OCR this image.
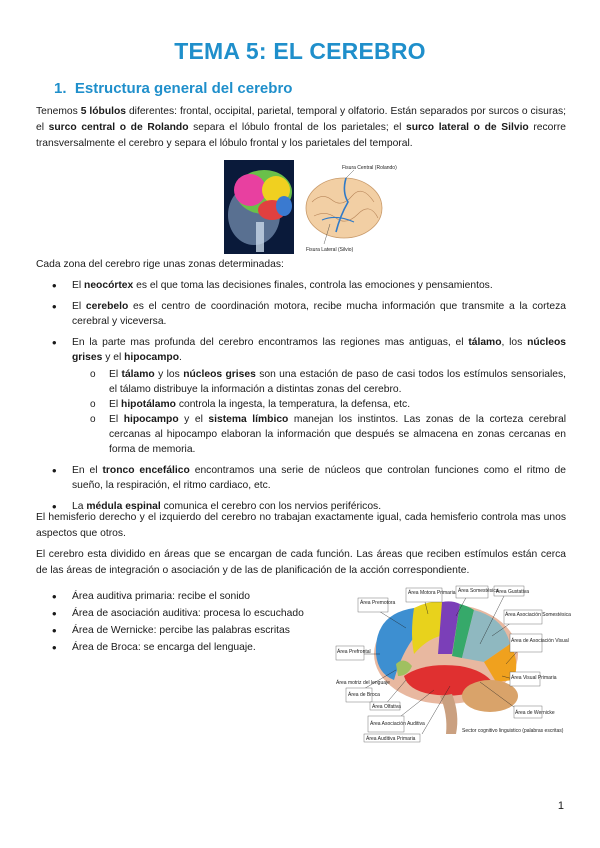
TEMA 5: EL CEREBRO
1. Estructura general del cerebro

Tenemos 5 lóbulos diferentes: frontal, occipital, parietal, temporal y olfatorio. Están separados por surcos o cisuras; el surco central o de Rolando separa el lóbulo frontal de los parietales; el surco lateral o de Silvio recorre transversalmente el cerebro y separa el lóbulo frontal y los parietales del temporal.

Fisura Central (Rolando)
Fisura Lateral (Silvio)

Cada zona del cerebro rige unas zonas determinadas:

• El neocórtex es el que toma las decisiones finales, controla las emociones y pensamientos.
• El cerebelo es el centro de coordinación motora, recibe mucha información que transmite a la corteza cerebral y viceversa.
• En la parte mas profunda del cerebro encontramos las regiones mas antiguas, el tálamo, los núcleos grises y el hipocampo.
o El tálamo y los núcleos grises son una estación de paso de casi todos los estímulos sensoriales, el tálamo distribuye la información a distintas zonas del cerebro.
o El hipotálamo controla la ingesta, la temperatura, la defensa, etc.
o El hipocampo y el sistema límbico manejan los instintos. Las zonas de la corteza cerebral cercanas al hipocampo elaboran la información que después se almacena en zonas cercanas en forma de memoria.
• En el tronco encefálico encontramos una serie de núcleos que controlan funciones como el ritmo de sueño, la respiración, el ritmo cardiaco, etc.
• La médula espinal comunica el cerebro con los nervios periféricos.

El hemisferio derecho y el izquierdo del cerebro no trabajan exactamente igual, cada hemisferio controla mas unos aspectos que otros.

El cerebro esta dividido en áreas que se encargan de cada función. Las áreas que reciben estímulos están cerca de las áreas de integración o asociación y de las de planificación de la acción correspondiente.

• Área auditiva primaria: recibe el sonido
• Área de asociación auditiva: procesa lo escuchado
• Área de Wernicke: percibe las palabras escritas
• Área de Broca: se encarga del lenguaje.
Área Premotora
Área Motora Primaria Área Somestésica
Área Gustativa
Área Asociación Somestésica
Área Prefrontal
Área de Asociación Visual
Área motriz del lenguaje
Área de Broca
Área Olfativa
Área Visual Primaria
Área de Wernicke
Área Asociación Auditiva
Área Auditiva Primaria
Sector cognitivo linguistico (palabras escritas)
1
